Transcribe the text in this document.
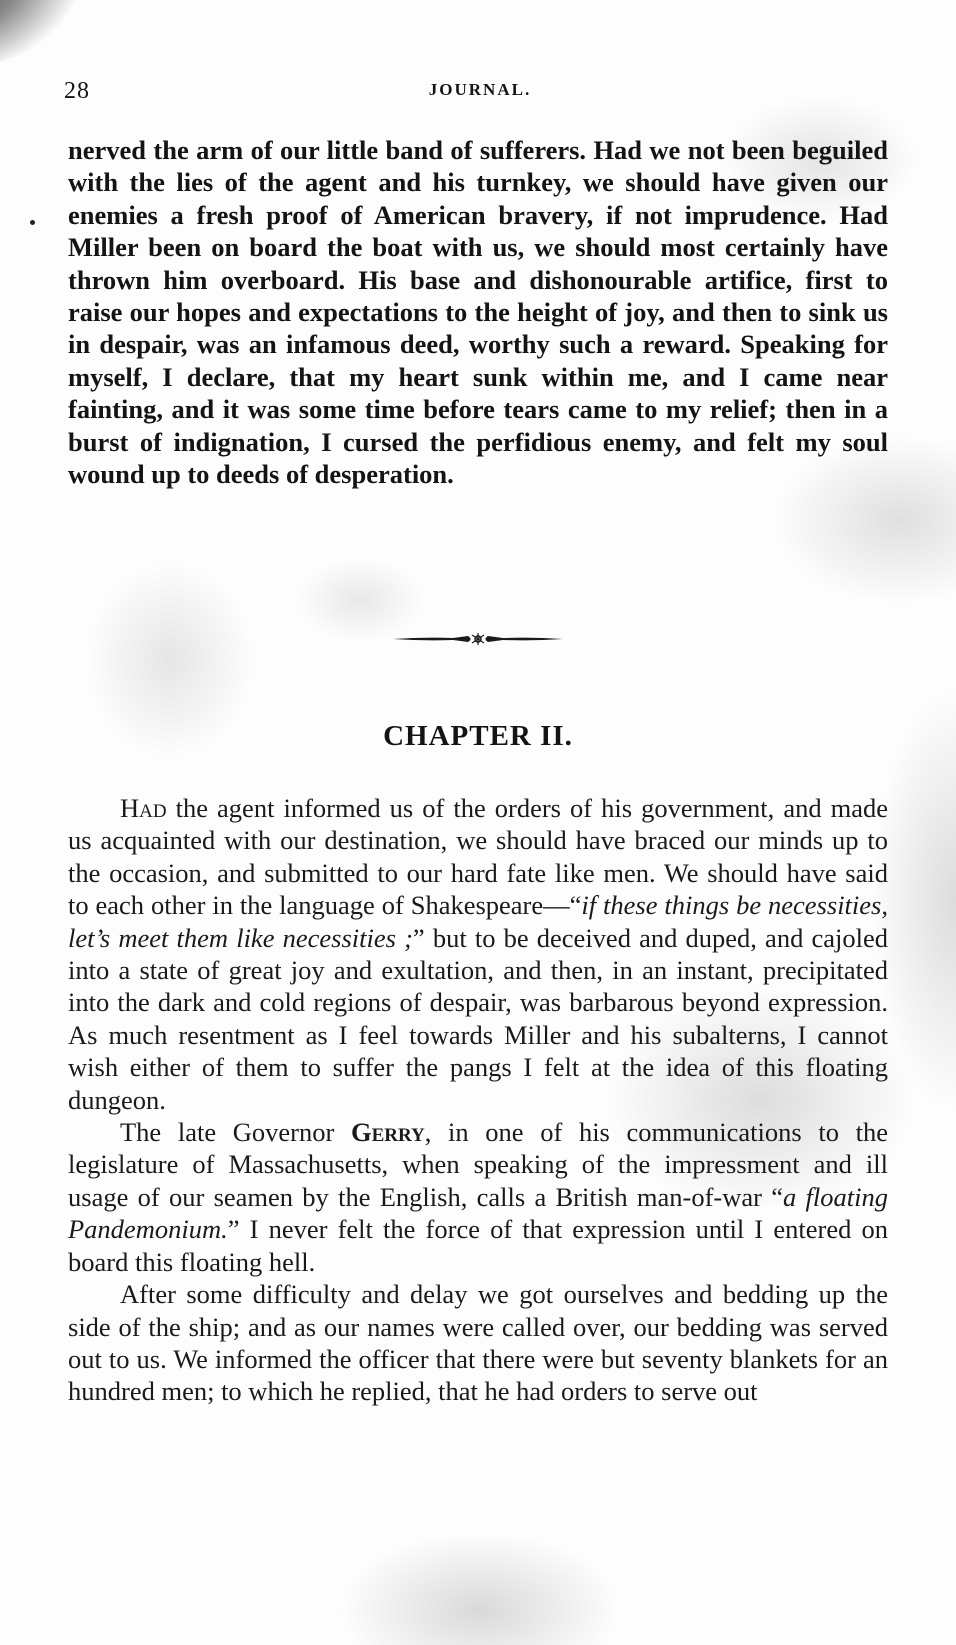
28	JOURNAL.

nerved the arm of our little band of sufferers. Had we not been beguiled with the lies of the agent and his turnkey, we should have given our enemies a fresh proof of American bravery, if not imprudence. Had Miller been on board the boat with us, we should most certainly have thrown him overboard. His base and dishonourable artifice, first to raise our hopes and expectations to the height of joy, and then to sink us in despair, was an infamous deed, worthy such a reward. Speaking for myself, I declare, that my heart sunk within me, and I came near fainting, and it was some time before tears came to my relief; then in a burst of indignation, I cursed the perfidious enemy, and felt my soul wound up to deeds of desperation.

CHAPTER II.

Had the agent informed us of the orders of his government, and made us acquainted with our destination, we should have braced our minds up to the occasion, and submitted to our hard fate like men. We should have said to each other in the language of Shakespeare—“if these things be necessities, let’s meet them like necessities ;” but to be deceived and duped, and cajoled into a state of great joy and exultation, and then, in an instant, precipitated into the dark and cold regions of despair, was barbarous beyond expression. As much resentment as I feel towards Miller and his subalterns, I cannot wish either of them to suffer the pangs I felt at the idea of this floating dungeon.

The late Governor Gerry, in one of his communications to the legislature of Massachusetts, when speaking of the impressment and ill usage of our seamen by the English, calls a British man-of-war “a floating Pandemonium.” I never felt the force of that expression until I entered on board this floating hell.

After some difficulty and delay we got ourselves and bedding up the side of the ship; and as our names were called over, our bedding was served out to us. We informed the officer that there were but seventy blankets for an hundred men; to which he replied, that he had orders to serve out
